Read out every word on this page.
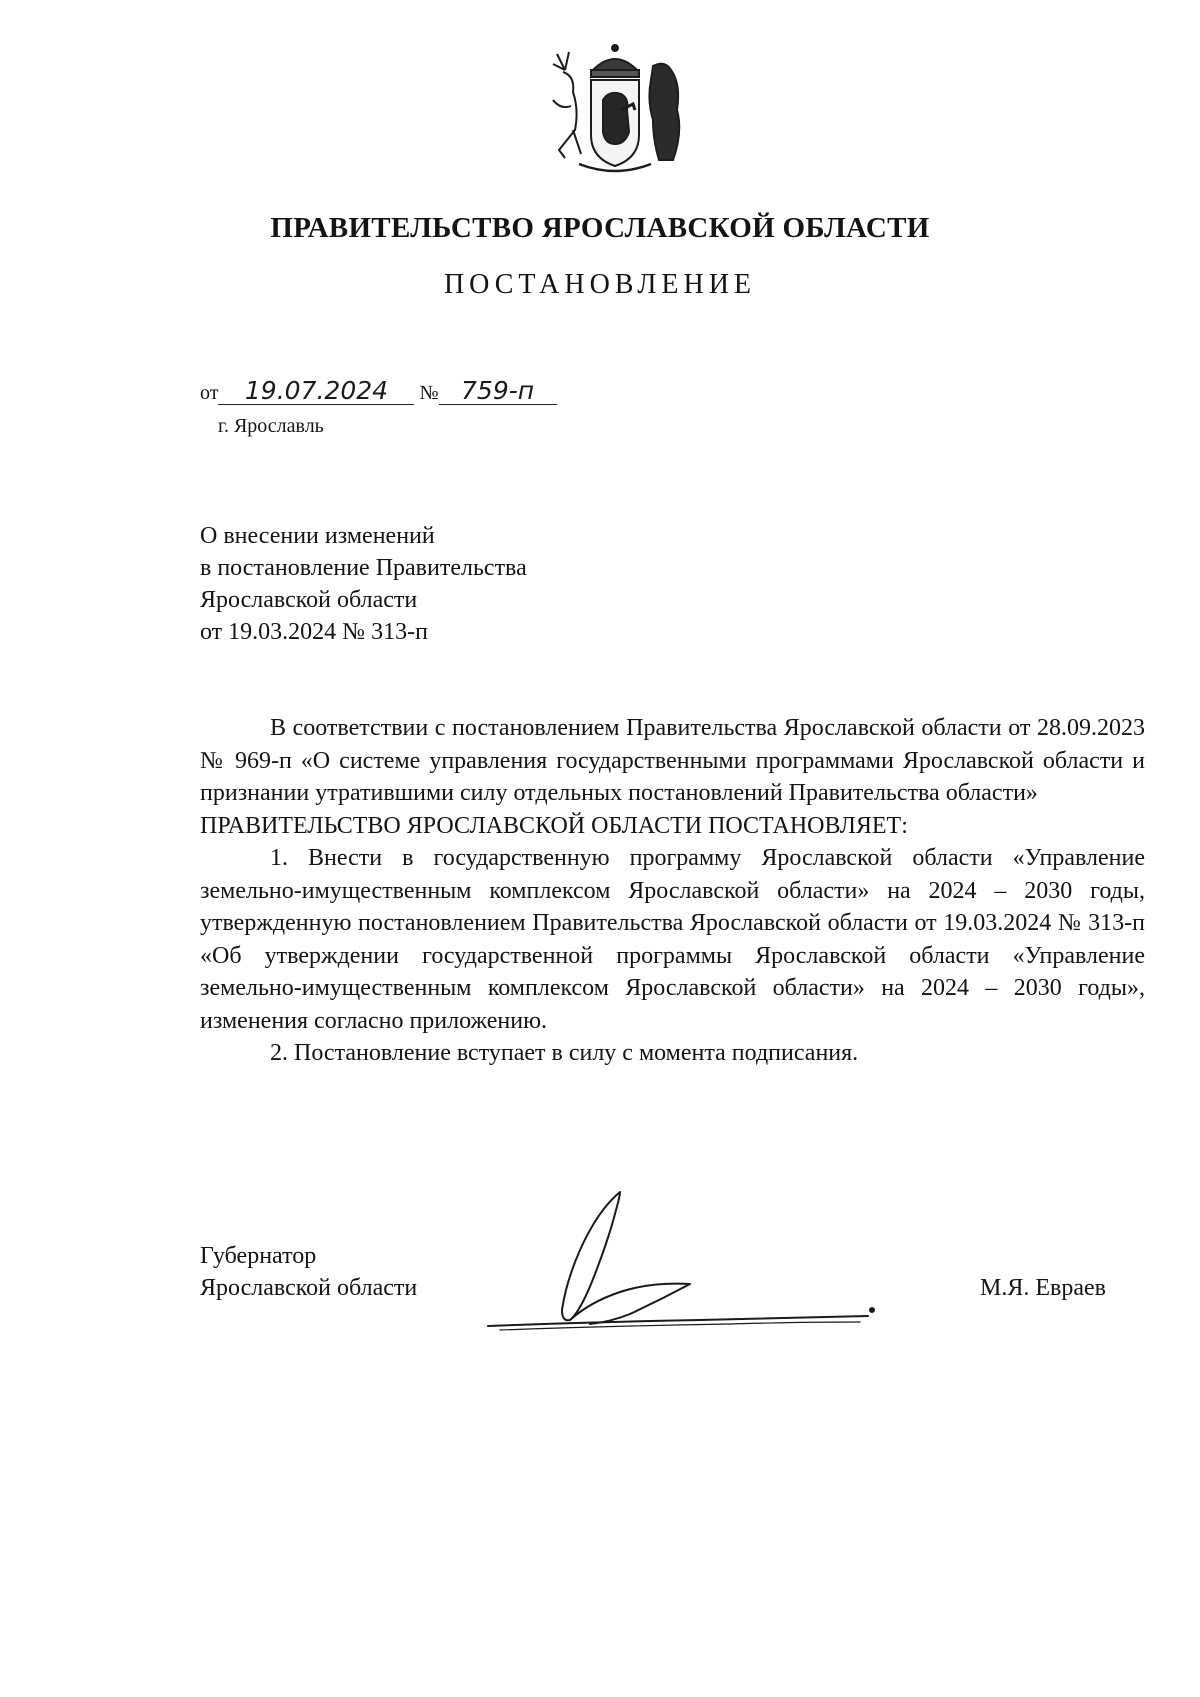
ПРАВИТЕЛЬСТВО ЯРОСЛАВСКОЙ ОБЛАСТИ
ПОСТАНОВЛЕНИЕ
от 19.07.2024 № 759-п
г. Ярославль
О внесении изменений
в постановление Правительства
Ярославской области
от 19.03.2024 № 313-п

В соответствии с постановлением Правительства Ярославской области от 28.09.2023 № 969-п «О системе управления государственными программами Ярославской области и признании утратившими силу отдельных постановлений Правительства области»

ПРАВИТЕЛЬСТВО ЯРОСЛАВСКОЙ ОБЛАСТИ ПОСТАНОВЛЯЕТ:

1. Внести в государственную программу Ярославской области «Управление земельно-имущественным комплексом Ярославской области» на 2024 – 2030 годы, утвержденную постановлением Правительства Ярославской области от 19.03.2024 № 313-п «Об утверждении государственной программы Ярославской области «Управление земельно-имущественным комплексом Ярославской области» на 2024 – 2030 годы», изменения согласно приложению.

2. Постановление вступает в силу с момента подписания.

Губернатор
Ярославской области	М.Я. Евраев
